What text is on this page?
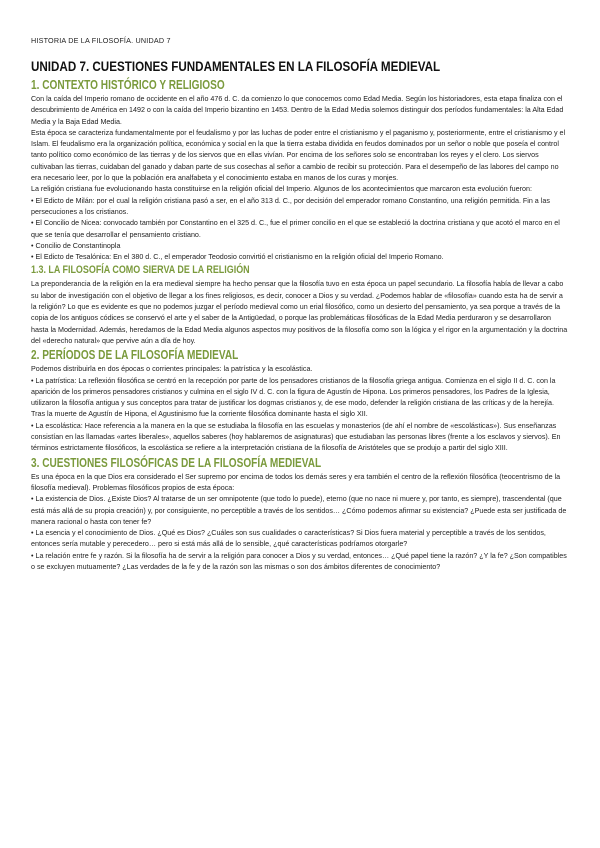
HISTORIA DE LA FILOSOFÍA. UNIDAD 7
UNIDAD 7. CUESTIONES FUNDAMENTALES EN LA FILOSOFÍA MEDIEVAL
1. CONTEXTO HISTÓRICO Y RELIGIOSO

Con la caída del Imperio romano de occidente en el año 476 d. C. da comienzo lo que conocemos como Edad Media. Según los historiadores, esta etapa finaliza con el descubrimiento de América en 1492 o con la caída del Imperio bizantino en 1453. Dentro de la Edad Media solemos distinguir dos períodos fundamentales: la Alta Edad Media y la Baja Edad Media.

Esta época se caracteriza fundamentalmente por el feudalismo y por las luchas de poder entre el cristianismo y el paganismo y, posteriormente, entre el cristianismo y el Islam. El feudalismo era la organización política, económica y social en la que la tierra estaba dividida en feudos dominados por un señor o noble que poseía el control tanto político como económico de las tierras y de los siervos que en ellas vivían. Por encima de los señores solo se encontraban los reyes y el clero. Los siervos cultivaban las tierras, cuidaban del ganado y daban parte de sus cosechas al señor a cambio de recibir su protección. Para el desempeño de las labores del campo no era necesario leer, por lo que la población era analfabeta y el conocimiento estaba en manos de los curas y monjes.

La religión cristiana fue evolucionando hasta constituirse en la religión oficial del Imperio. Algunos de los acontecimientos que marcaron esta evolución fueron:

• El Edicto de Milán: por el cual la religión cristiana pasó a ser, en el año 313 d. C., por decisión del emperador romano Constantino, una religión permitida. Fin a las persecuciones a los cristianos.

• El Concilio de Nicea: convocado también por Constantino en el 325 d. C., fue el primer concilio en el que se estableció la doctrina cristiana y que acotó el marco en el que se tenía que desarrollar el pensamiento cristiano.

• Concilio de Constantinopla

• El Edicto de Tesalónica: En el 380 d. C., el emperador Teodosio convirtió el cristianismo en la religión oficial del Imperio Romano.

1.3. LA FILOSOFÍA COMO SIERVA DE LA RELIGIÓN

La preponderancia de la religión en la era medieval siempre ha hecho pensar que la filosofía tuvo en esta época un papel secundario. La filosofía había de llevar a cabo su labor de investigación con el objetivo de llegar a los fines religiosos, es decir, conocer a Dios y su verdad. ¿Podemos hablar de «filosofía» cuando esta ha de servir a la religión? Lo que es evidente es que no podemos juzgar el período medieval como un erial filosófico, como un desierto del pensamiento, ya sea porque a través de la copia de los antiguos códices se conservó el arte y el saber de la Antigüedad, o porque las problemáticas filosóficas de la Edad Media perduraron y se desarrollaron hasta la Modernidad. Además, heredamos de la Edad Media algunos aspectos muy positivos de la filosofía como son la lógica y el rigor en la argumentación y la doctrina del «derecho natural» que pervive aún a día de hoy.

2. PERÍODOS DE LA FILOSOFÍA MEDIEVAL

Podemos distribuirla en dos épocas o corrientes principales: la patrística y la escolástica.

• La patrística: La reflexión filosófica se centró en la recepción por parte de los pensadores cristianos de la filosofía griega antigua. Comienza en el siglo II d. C. con la aparición de los primeros pensadores cristianos y culmina en el siglo IV d. C. con la figura de Agustín de Hipona. Los primeros pensadores, los Padres de la Iglesia, utilizaron la filosofía antigua y sus conceptos para tratar de justificar los dogmas cristianos y, de ese modo, defender la religión cristiana de las críticas y de la herejía. Tras la muerte de Agustín de Hipona, el Agustinismo fue la corriente filosófica dominante hasta el siglo XII.

• La escolástica: Hace referencia a la manera en la que se estudiaba la filosofía en las escuelas y monasterios (de ahí el nombre de «escolásticas»). Sus enseñanzas consistían en las llamadas «artes liberales», aquellos saberes (hoy hablaremos de asignaturas) que estudiaban las personas libres (frente a los esclavos y siervos). En términos estrictamente filosóficos, la escolástica se refiere a la interpretación cristiana de la filosofía de Aristóteles que se produjo a partir del siglo XIII.

3. CUESTIONES FILOSÓFICAS DE LA FILOSOFÍA MEDIEVAL

Es una época en la que Dios era considerado el Ser supremo por encima de todos los demás seres y era también el centro de la reflexión filosófica (teocentrismo de la filosofía medieval). Problemas filosóficos propios de esta época:

• La existencia de Dios. ¿Existe Dios? Al tratarse de un ser omnipotente (que todo lo puede), eterno (que no nace ni muere y, por tanto, es siempre), trascendental (que está más allá de su propia creación) y, por consiguiente, no perceptible a través de los sentidos… ¿Cómo podemos afirmar su existencia? ¿Puede esta ser justificada de manera racional o hasta con tener fe?

• La esencia y el conocimiento de Dios. ¿Qué es Dios? ¿Cuáles son sus cualidades o características? Si Dios fuera material y perceptible a través de los sentidos, entonces sería mutable y perecedero… pero si está más allá de lo sensible, ¿qué características podríamos otorgarle?

• La relación entre fe y razón. Si la filosofía ha de servir a la religión para conocer a Dios y su verdad, entonces… ¿Qué papel tiene la razón? ¿Y la fe? ¿Son compatibles o se excluyen mutuamente? ¿Las verdades de la fe y de la razón son las mismas o son dos ámbitos diferentes de conocimiento?
